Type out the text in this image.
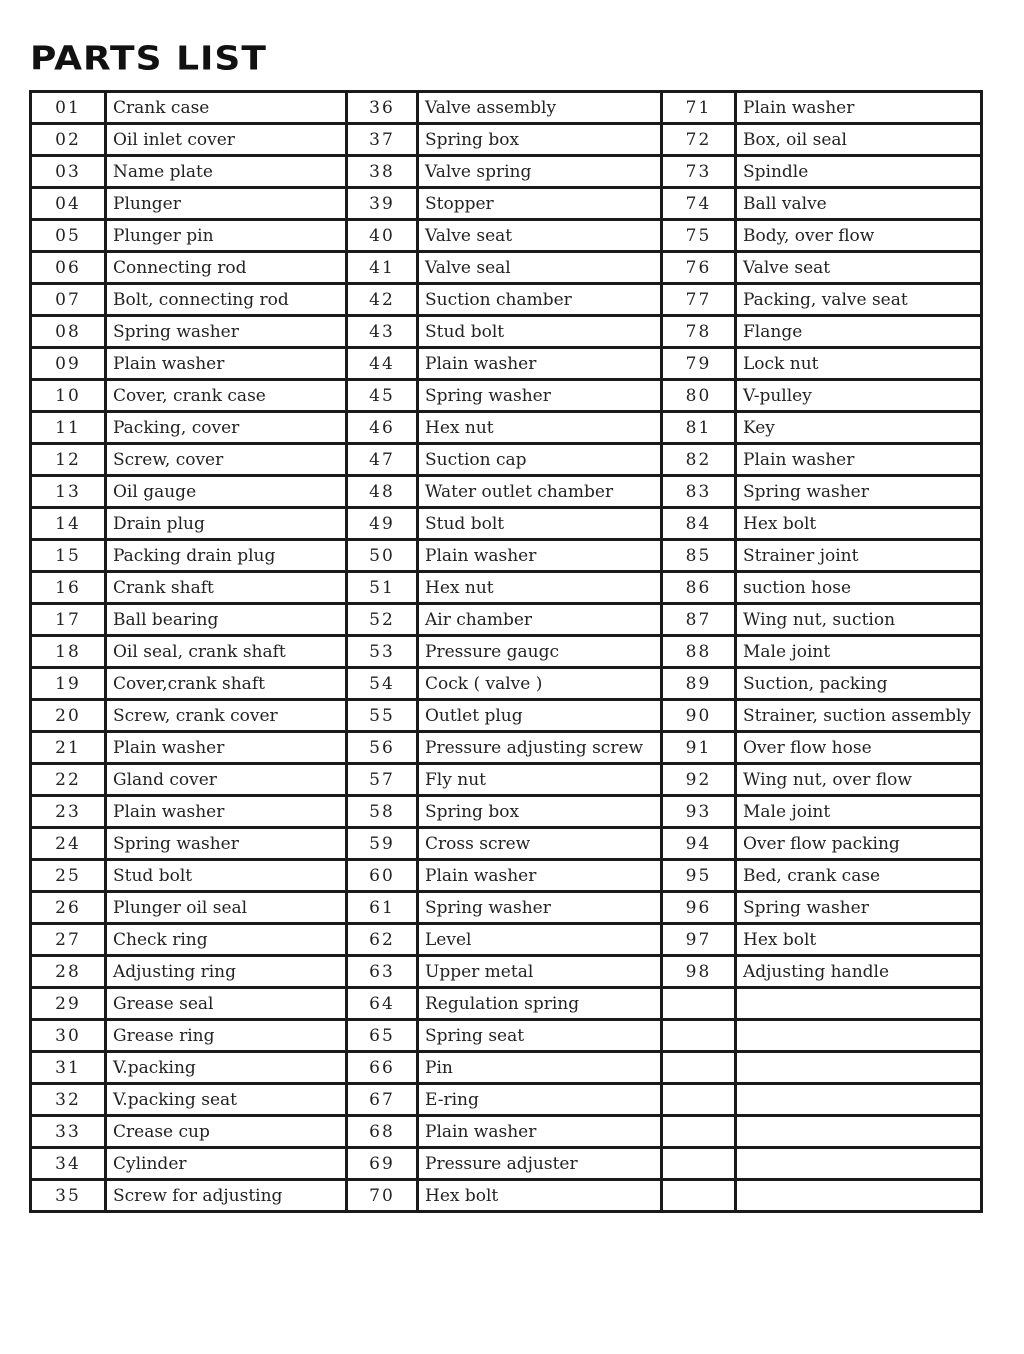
PARTS LIST
01	Crank case	36	Valve assembly	71	Plain washer
02	Oil inlet cover	37	Spring box	72	Box, oil seal
03	Name plate	38	Valve spring	73	Spindle
04	Plunger	39	Stopper	74	Ball valve
05	Plunger pin	40	Valve seat	75	Body, over flow
06	Connecting rod	41	Valve seal	76	Valve seat
07	Bolt, connecting rod	42	Suction chamber	77	Packing, valve seat
08	Spring washer	43	Stud bolt	78	Flange
09	Plain washer	44	Plain washer	79	Lock nut
10	Cover, crank case	45	Spring washer	80	V-pulley
11	Packing, cover	46	Hex nut	81	Key
12	Screw, cover	47	Suction cap	82	Plain washer
13	Oil gauge	48	Water outlet chamber	83	Spring washer
14	Drain plug	49	Stud bolt	84	Hex bolt
15	Packing drain plug	50	Plain washer	85	Strainer joint
16	Crank shaft	51	Hex nut	86	suction hose
17	Ball bearing	52	Air chamber	87	Wing nut, suction
18	Oil seal, crank shaft	53	Pressure gaugc	88	Male joint
19	Cover,crank shaft	54	Cock ( valve )	89	Suction, packing
20	Screw, crank cover	55	Outlet plug	90	Strainer, suction assembly
21	Plain washer	56	Pressure adjusting screw	91	Over flow hose
22	Gland cover	57	Fly nut	92	Wing nut, over flow
23	Plain washer	58	Spring box	93	Male joint
24	Spring washer	59	Cross screw	94	Over flow packing
25	Stud bolt	60	Plain washer	95	Bed, crank case
26	Plunger oil seal	61	Spring washer	96	Spring washer
27	Check ring	62	Level	97	Hex bolt
28	Adjusting ring	63	Upper metal	98	Adjusting handle
29	Grease seal	64	Regulation spring		
30	Grease ring	65	Spring seat		
31	V.packing	66	Pin		
32	V.packing seat	67	E-ring		
33	Crease cup	68	Plain washer		
34	Cylinder	69	Pressure adjuster		
35	Screw for adjusting	70	Hex bolt		
